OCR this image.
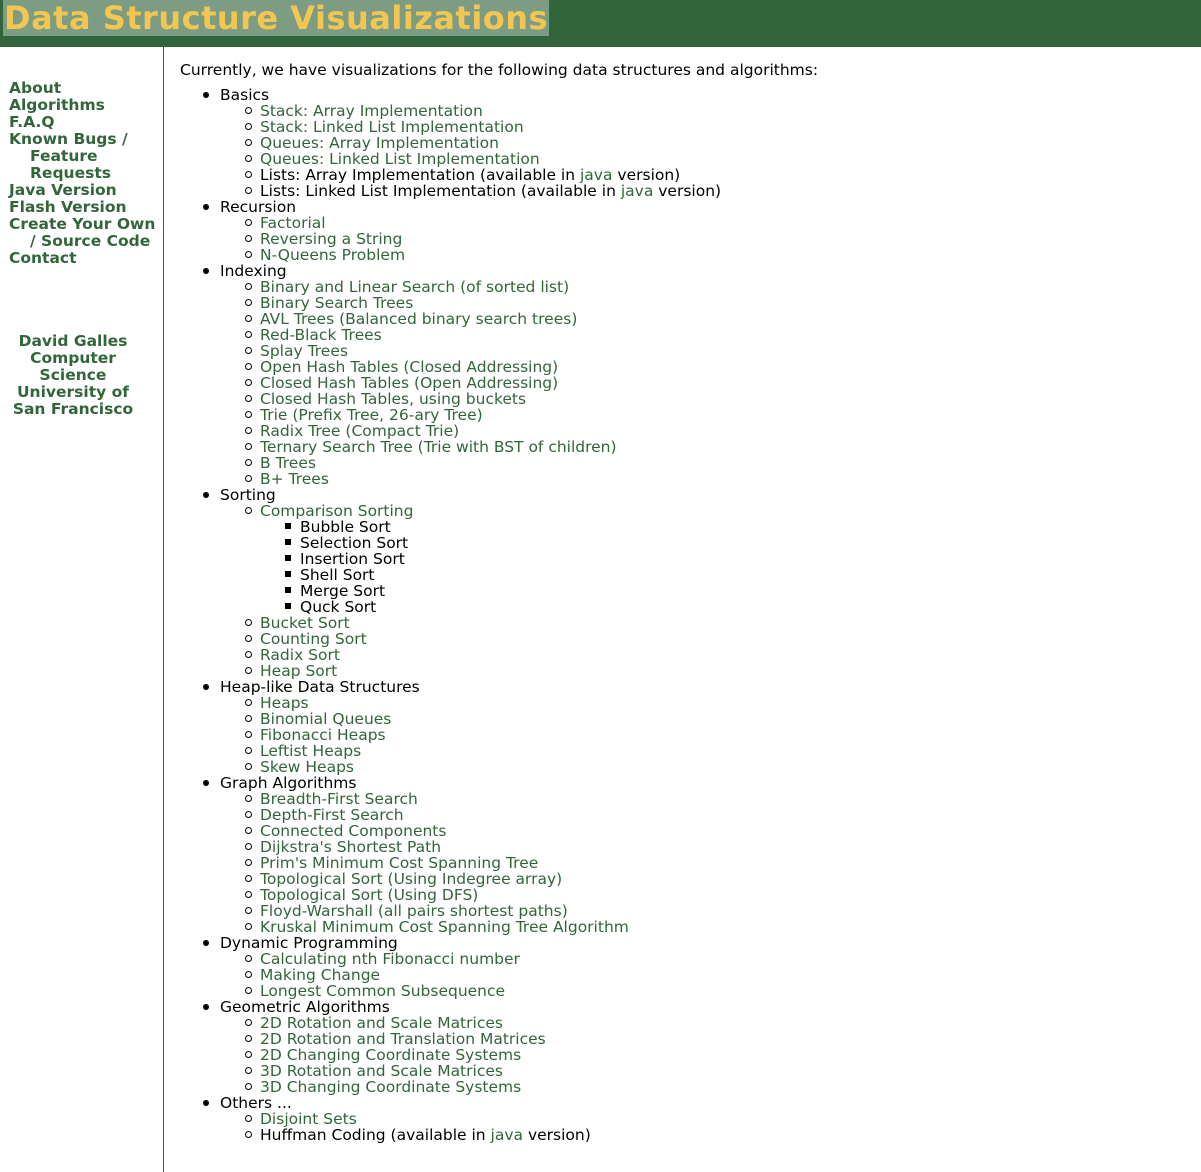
Data Structure Visualizations
About
Algorithms
F.A.Q
Known Bugs / Feature Requests
Java Version
Flash Version
Create Your Own / Source Code
Contact
David Galles
Computer Science
University of San Francisco
Currently, we have visualizations for the following data structures and algorithms:
Basics
Stack: Array Implementation
Stack: Linked List Implementation
Queues: Array Implementation
Queues: Linked List Implementation
Lists: Array Implementation (available in java version)
Lists: Linked List Implementation (available in java version)
Recursion
Factorial
Reversing a String
N-Queens Problem
Indexing
Binary and Linear Search (of sorted list)
Binary Search Trees
AVL Trees (Balanced binary search trees)
Red-Black Trees
Splay Trees
Open Hash Tables (Closed Addressing)
Closed Hash Tables (Open Addressing)
Closed Hash Tables, using buckets
Trie (Prefix Tree, 26-ary Tree)
Radix Tree (Compact Trie)
Ternary Search Tree (Trie with BST of children)
B Trees
B+ Trees
Sorting
Comparison Sorting
Bubble Sort
Selection Sort
Insertion Sort
Shell Sort
Merge Sort
Quck Sort
Bucket Sort
Counting Sort
Radix Sort
Heap Sort
Heap-like Data Structures
Heaps
Binomial Queues
Fibonacci Heaps
Leftist Heaps
Skew Heaps
Graph Algorithms
Breadth-First Search
Depth-First Search
Connected Components
Dijkstra's Shortest Path
Prim's Minimum Cost Spanning Tree
Topological Sort (Using Indegree array)
Topological Sort (Using DFS)
Floyd-Warshall (all pairs shortest paths)
Kruskal Minimum Cost Spanning Tree Algorithm
Dynamic Programming
Calculating nth Fibonacci number
Making Change
Longest Common Subsequence
Geometric Algorithms
2D Rotation and Scale Matrices
2D Rotation and Translation Matrices
2D Changing Coordinate Systems
3D Rotation and Scale Matrices
3D Changing Coordinate Systems
Others ...
Disjoint Sets
Huffman Coding (available in java version)
